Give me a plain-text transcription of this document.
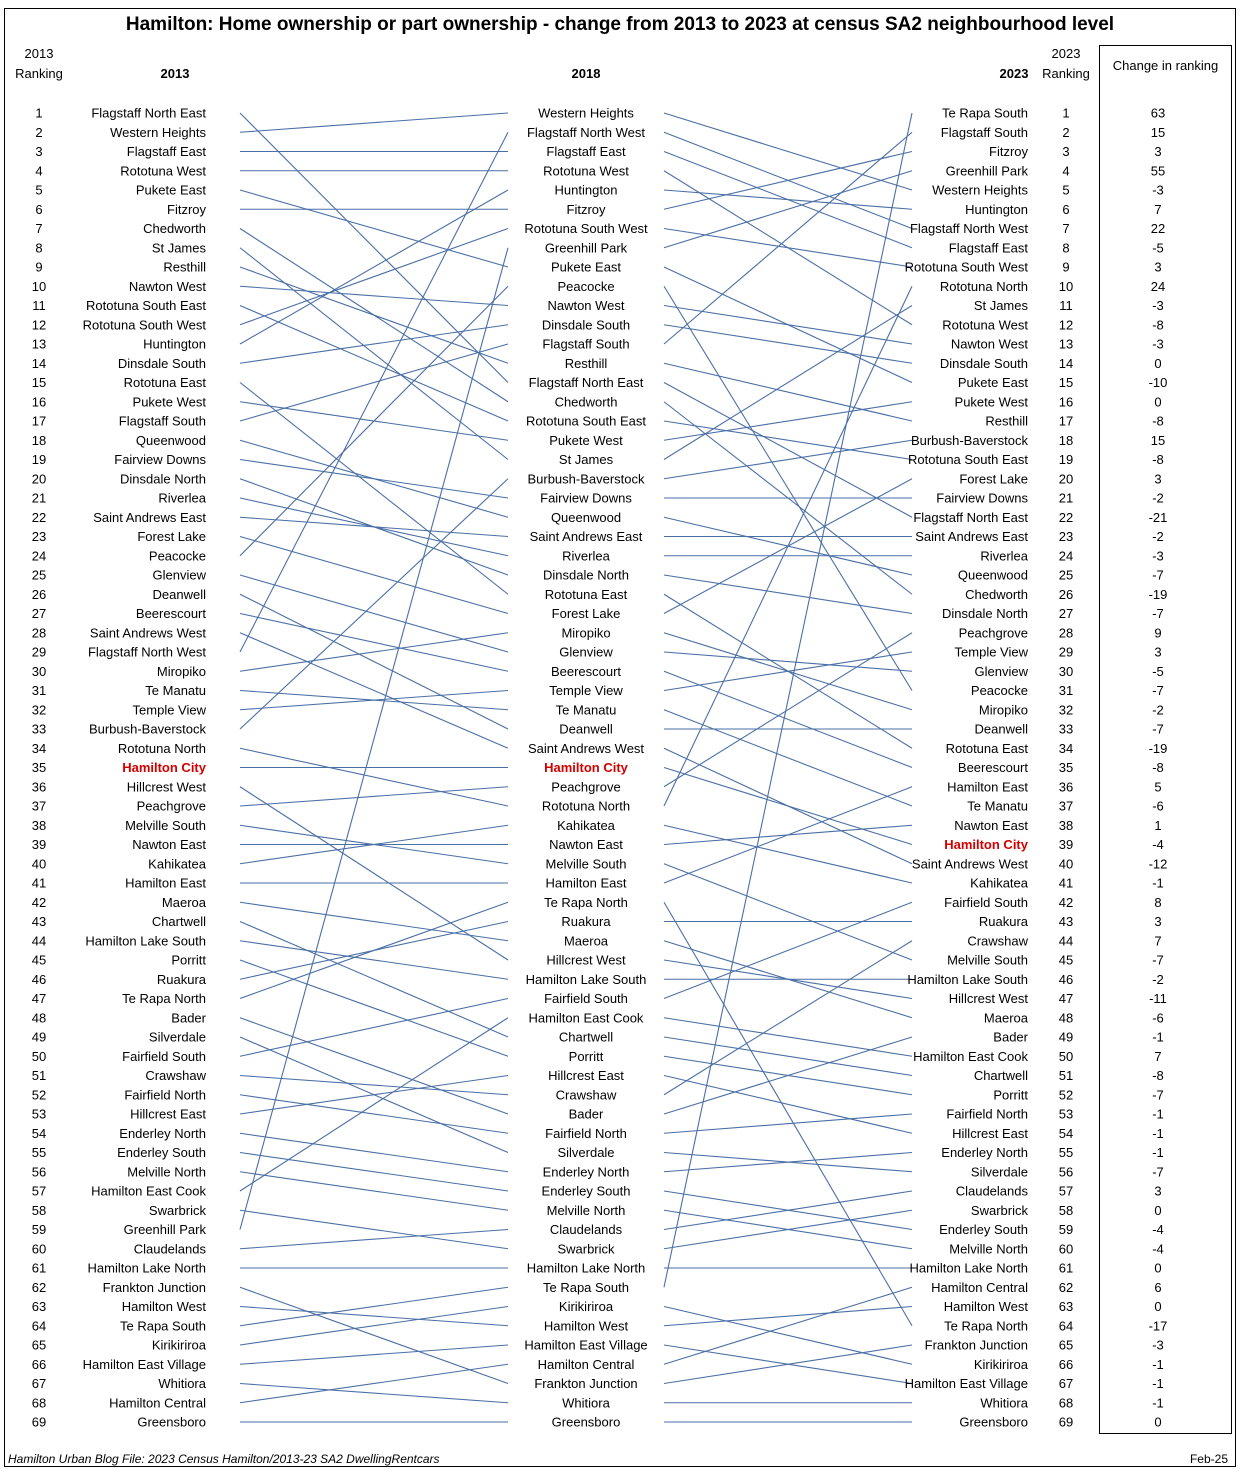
Hamilton: Home ownership or part ownership - change from 2013 to 2023 at census SA2 neighbourhood level
2013
Ranking	2013	2018	2023
2023
Ranking
Change in ranking
1	Flagstaff North East	Western Heights	Te Rapa South	1	63
2	Western Heights	Flagstaff North West	Flagstaff South	2	15
3	Flagstaff East	Flagstaff East	Fitzroy	3	3
4	Rototuna West	Rototuna West	Greenhill Park	4	55
5	Pukete East	Huntington	Western Heights	5	-3
6	Fitzroy	Fitzroy	Huntington	6	7
7	Chedworth	Rototuna South West	Flagstaff North West	7	22
8	St James	Greenhill Park	Flagstaff East	8	-5
9	Resthill	Pukete East	Rototuna South West	9	3
10	Nawton West	Peacocke	Rototuna North 10	24
11	Rototuna South East	Nawton West	St James 11	-3
12	Rototuna South West	Dinsdale South	Rototuna West 12	-8
13	Huntington	Flagstaff South	Nawton West 13	-3
14	Dinsdale South	Resthill	Dinsdale South 14	0
15	Rototuna East	Flagstaff North East	Pukete East 15	-10
16	Pukete West	Chedworth	Pukete West 16	0
17	Flagstaff South	Rototuna South East	Resthill 17	-8
18	Queenwood	Pukete West	Burbush-Baverstock 18	15
19	Fairview Downs	St James	Rototuna South East 19	-8
20	Dinsdale North	Burbush-Baverstock	Forest Lake 20	3
21	Riverlea	Fairview Downs	Fairview Downs 21	-2
22	Saint Andrews East	Queenwood	Flagstaff North East 22	-21
23	Forest Lake	Saint Andrews East	Saint Andrews East 23	-2
24	Peacocke	Riverlea	Riverlea 24	-3
25	Glenview	Dinsdale North	Queenwood 25	-7
26	Deanwell	Rototuna East	Chedworth 26	-19
27	Beerescourt	Forest Lake	Dinsdale North 27	-7
28	Saint Andrews West	Miropiko	Peachgrove 28	9
29	Flagstaff North West	Glenview	Temple View 29	3
30	Miropiko	Beerescourt	Glenview 30	-5
31	Te Manatu	Temple View	Peacocke 31	-7
32	Temple View	Te Manatu	Miropiko 32	-2
33	Burbush-Baverstock	Deanwell	Deanwell 33	-7
34	Rototuna North	Saint Andrews West	Rototuna East 34	-19
35	Hamilton City	Hamilton City	Beerescourt 35	-8
36	Hillcrest West	Peachgrove	Hamilton East 36	5
37	Peachgrove	Rototuna North	Te Manatu 37	-6
38	Melville South	Kahikatea	Nawton East 38	1
39	Nawton East	Nawton East	Hamilton City 39	-4
40	Kahikatea	Melville South	Saint Andrews West 40	-12
41	Hamilton East	Hamilton East	Kahikatea 41	-1
42	Maeroa	Te Rapa North	Fairfield South 42	8
43	Chartwell	Ruakura	Ruakura 43	3
44	Hamilton Lake South	Maeroa	Crawshaw 44	7
45	Porritt	Hillcrest West	Melville South 45	-7
46	Ruakura	Hamilton Lake South	Hamilton Lake South 46	-2
47	Te Rapa North	Fairfield South	Hillcrest West 47	-11
48	Bader	Hamilton East Cook	Maeroa 48	-6
49	Silverdale	Chartwell	Bader 49	-1
50	Fairfield South	Porritt	Hamilton East Cook 50	7
51	Crawshaw	Hillcrest East	Chartwell 51	-8
52	Fairfield North	Crawshaw	Porritt 52	-7
53	Hillcrest East	Bader	Fairfield North 53	-1
54	Enderley North	Fairfield North	Hillcrest East 54	-1
55	Enderley South	Silverdale	Enderley North 55	-1
56	Melville North	Enderley North	Silverdale 56	-7
57	Hamilton East Cook	Enderley South	Claudelands 57	3
58	Swarbrick	Melville North	Swarbrick 58	0
59	Greenhill Park	Claudelands	Enderley South 59	-4
60	Claudelands	Swarbrick	Melville North 60	-4
61	Hamilton Lake North	Hamilton Lake North	Hamilton Lake North 61	0
62	Frankton Junction	Te Rapa South	Hamilton Central 62	6
63	Hamilton West	Kirikiriroa	Hamilton West 63	0
64	Te Rapa South	Hamilton West	Te Rapa North 64	-17
65	Kirikiriroa	Hamilton East Village	Frankton Junction 65	-3
66	Hamilton East Village	Hamilton Central	Kirikiriroa 66	-1
67	Whitiora	Frankton Junction	Hamilton East Village 67	-1
68	Hamilton Central	Whitiora	Whitiora 68	-1
69	Greensboro	Greensboro	Greensboro 69	0
Hamilton Urban Blog File: 2023 Census Hamilton/2013-23 SA2 DwellingRentcars	Feb-25
